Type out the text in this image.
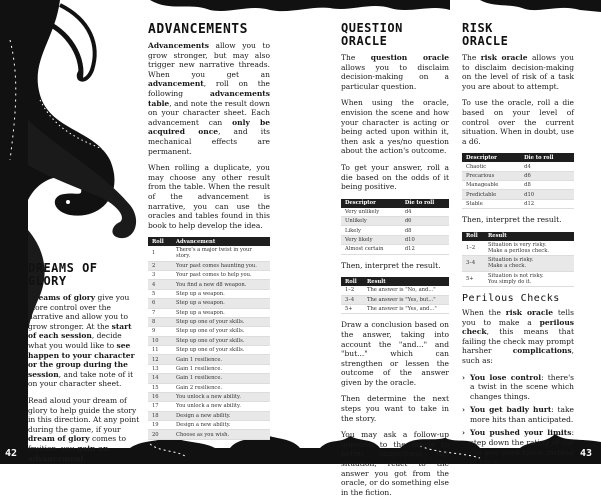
42	43
ADVANCEMENTS

Advancements allow you to grow stronger, but may also trigger new narrative threads. When you get an advancement, roll on the following advancements table, and note the result down on your character sheet. Each advancement can only be acquired once, and its mechanical effects are permanent.

When rolling a duplicate, you may choose any other result from the table. When the result of the advancement is narrative, you can use the oracles and tables found in this book to help develop the idea.

Roll	Advancement
1	There's a major twist in your story.
2	Your past comes haunting you.
3	Your past comes to help you.
4	You find a new d8 weapon.
5	Step up a weapon.
6	Step up a weapon.
7	Step up a weapon.
8	Step up one of your skills.
9	Step up one of your skills.
10	Step up one of your skills.
11	Step up one of your skills.
12	Gain 1 resilience.
13	Gain 1 resilience.
14	Gain 1 resilience.
15	Gain 2 resilience.
16	You unlock a new ability.
17	You unlock a new ability.
18	Design a new ability.
19	Design a new ability.
20	Choose as you wish.
DREAMS OF
GLORY

Dreams of glory give you more control over the narrative and allow you to grow stronger. At the start of each session, decide what you would like to see happen to your character or the group during the session, and take note of it on your character sheet.

Read aloud your dream of glory to help guide the story in this direction. At any point during the game, if your dream of glory comes to fruition, you gain an advancement.

QUESTION
ORACLE

The question oracle allows you to disclaim decision-making on a particular question.

When using the oracle, envision the scene and how your character is acting or being acted upon within it, then ask a yes/no question about the action's outcome.

To get your answer, roll a die based on the odds of it being positive.

Descriptor	Die to roll
Very unlikely	d4
Unlikely	d6
Likely	d8
Very likely	d10
Almost certain	d12

Then, interpret the result.

Roll	Result
1–2	The answer is "No, and..."
3–4	The answer is "Yes, but..."
5+	The answer is "Yes, and..."

Draw a conclusion based on the answer, taking into account the "and..." and "but..." which can strengthen or lessen the outcome of the answer given by the oracle.

Then determine the next steps you want to take in the story.

You may ask a follow-up question to the oracle to better understand the situation, react to the answer you got from the oracle, or do something else in the fiction.

RISK
ORACLE

The risk oracle allows you to disclaim decision-making on the level of risk of a task you are about to attempt.

To use the oracle, roll a die based on your level of control over the current situation. When in doubt, use a d6.

Descriptor	Die to roll
Chaotic	d4
Precarious	d6
Manageable	d8
Predictable	d10
Stable	d12

Then, interpret the result.

Roll	Result
1–2	Situation is very risky.
Make a perilous check.

3–4	Situation is risky.
Make a check.

5+	Situation is not risky.
You simply do it.
Perilous Checks

When the risk oracle tells you to make a perilous check, this means that failing the check may prompt harsher complications, such as:

› You lose control: there's a twist in the scene which changes things.
› You get badly hurt: take more hits than anticipated.
› You pushed your limits: step down the rating of the die you used twice instead of once.
